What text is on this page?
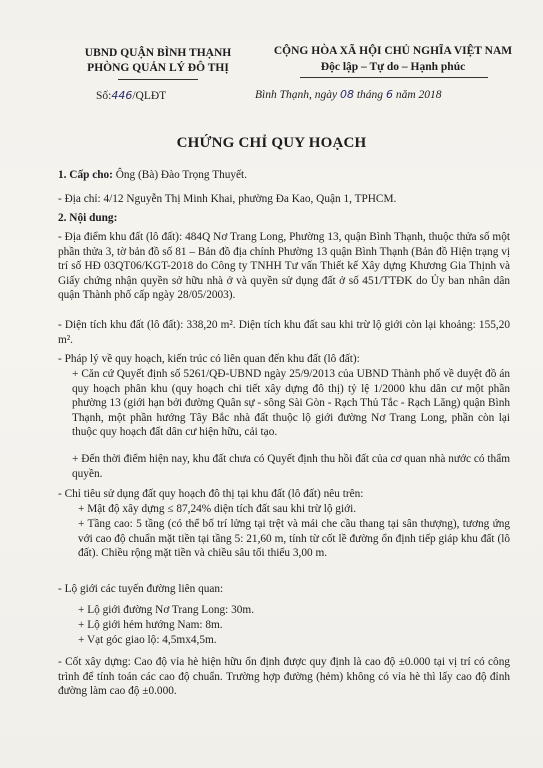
UBND QUẬN BÌNH THẠNH
PHÒNG QUẢN LÝ ĐÔ THỊ
CỘNG HÒA XÃ HỘI CHỦ NGHĨA VIỆT NAM
Độc lập – Tự do – Hạnh phúc
Số:446/QLĐT	Bình Thạnh, ngày 08 tháng 6 năm 2018
CHỨNG CHỈ QUY HOẠCH

1. Cấp cho: Ông (Bà) Đào Trọng Thuyết.

- Địa chỉ: 4/12 Nguyễn Thị Minh Khai, phường Đa Kao, Quận 1, TPHCM.

2. Nội dung:

- Địa điểm khu đất (lô đất): 484Q Nơ Trang Long, Phường 13, quận Bình Thạnh, thuộc thửa số một phần thửa 3, tờ bản đồ số 81 – Bản đồ địa chính Phường 13 quận Bình Thạnh (Bản đồ Hiện trạng vị trí số HĐ 03QT06/KGT-2018 do Công ty TNHH Tư vấn Thiết kế Xây dựng Khương Gia Thịnh và Giấy chứng nhận quyền sở hữu nhà ở và quyền sử dụng đất ở số 451/TTĐK do Ủy ban nhân dân quận Thành phố cấp ngày 28/05/2003).
- Diện tích khu đất (lô đất): 338,20 m². Diện tích khu đất sau khi trừ lộ giới còn lại khoảng: 155,20 m².
- Pháp lý về quy hoạch, kiến trúc có liên quan đến khu đất (lô đất):
+ Căn cứ Quyết định số 5261/QĐ-UBND ngày 25/9/2013 của UBND Thành phố về duyệt đồ án quy hoạch phân khu (quy hoạch chi tiết xây dựng đô thị) tỷ lệ 1/2000 khu dân cư một phần phường 13 (giới hạn bởi đường Quân sự - sông Sài Gòn - Rạch Thủ Tắc - Rạch Lăng) quận Bình Thạnh, một phần hướng Tây Bắc nhà đất thuộc lộ giới đường Nơ Trang Long, phần còn lại thuộc quy hoạch đất dân cư hiện hữu, cải tạo.
+ Đến thời điểm hiện nay, khu đất chưa có Quyết định thu hồi đất của cơ quan nhà nước có thẩm quyền.
- Chỉ tiêu sử dụng đất quy hoạch đô thị tại khu đất (lô đất) nêu trên:
+ Mật độ xây dựng ≤ 87,24% diện tích đất sau khi trừ lộ giới.
+ Tầng cao: 5 tầng (có thể bố trí lửng tại trệt và mái che cầu thang tại sân thượng), tương ứng với cao độ chuẩn mặt tiền tại tầng 5: 21,60 m, tính từ cốt lề đường ổn định tiếp giáp khu đất (lô đất). Chiều rộng mặt tiền và chiều sâu tối thiểu 3,00 m.
- Lộ giới các tuyến đường liên quan:
+ Lộ giới đường Nơ Trang Long: 30m.
+ Lộ giới hẻm hướng Nam: 8m.
+ Vạt góc giao lộ: 4,5mx4,5m.
- Cốt xây dựng: Cao độ vỉa hè hiện hữu ổn định được quy định là cao độ ±0.000 tại vị trí có công trình để tính toán các cao độ chuẩn. Trường hợp đường (hẻm) không có vỉa hè thì lấy cao độ đỉnh đường làm cao độ ±0.000.
